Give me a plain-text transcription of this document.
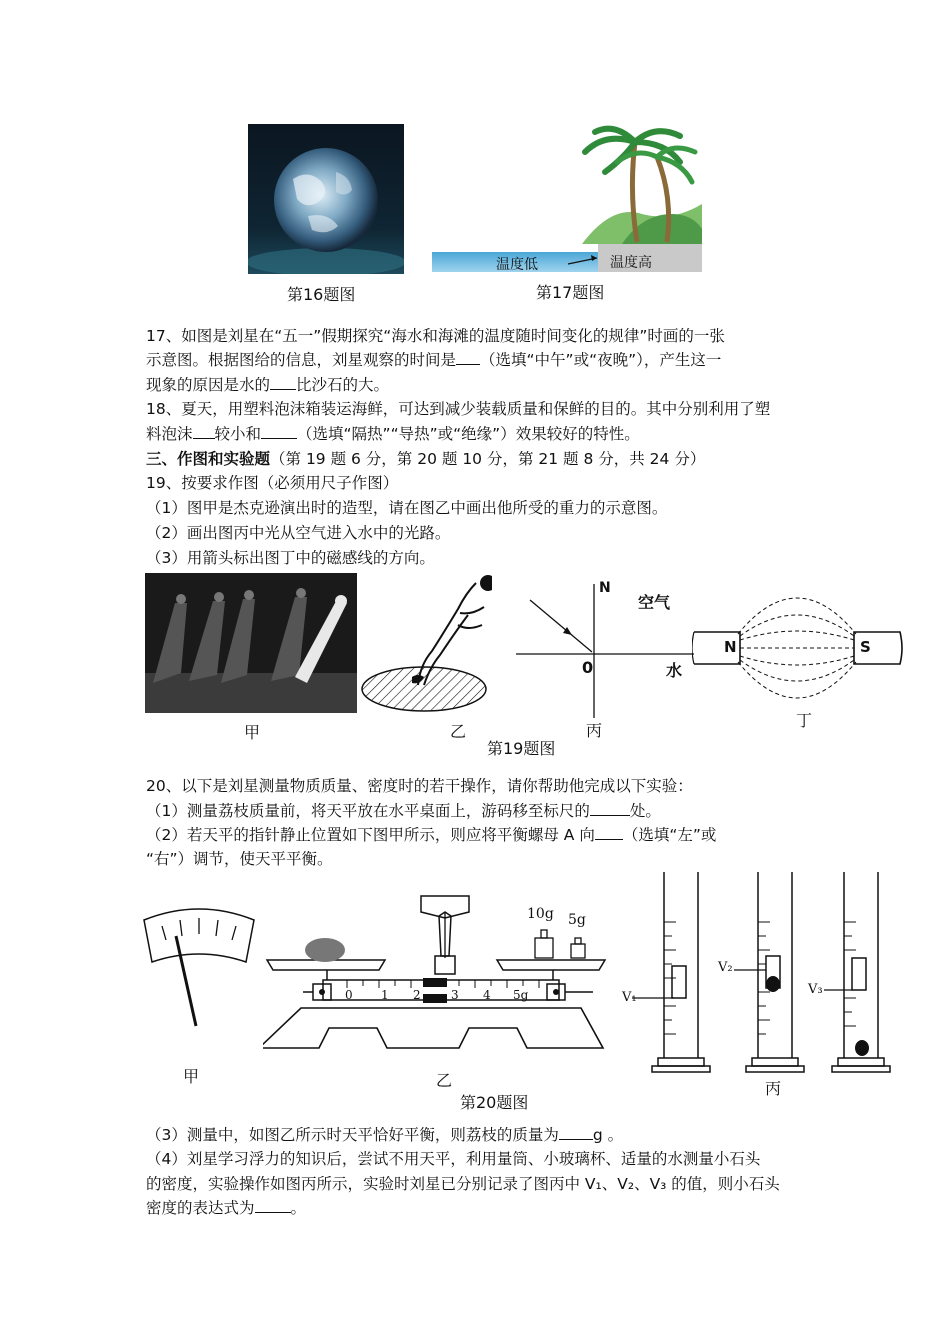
第16题图
温度低	温度高
第17题图
17、如图是刘星在“五一”假期探究“海水和海滩的温度随时间变化的规律”时画的一张
示意图。根据图给的信息，刘星观察的时间是 （选填“中午”或“夜晚”），产生这一
现象的原因是水的 比沙石的大。
18、夏天，用塑料泡沫箱装运海鲜，可达到减少装载质量和保鲜的目的。其中分别利用了塑
料泡沫 较小和 （选填“隔热”“导热”或“绝缘”）效果较好的特性。
三、作图和实验题（第 19 题 6 分，第 20 题 10 分，第 21 题 8 分，共 24 分）
19、按要求作图（必须用尺子作图）
（1）图甲是杰克逊演出时的造型，请在图乙中画出他所受的重力的示意图。
（2）画出图丙中光从空气进入水中的光路。
（3）用箭头标出图丁中的磁感线的方向。
甲	乙
N
空气
0	水
丙
N	S
丁
第19题图
20、以下是刘星测量物质质量、密度时的若干操作，请你帮助他完成以下实验：
（1）测量荔枝质量前，将天平放在水平桌面上，游码移至标尺的	处。
（2）若天平的指针静止位置如下图甲所示，则应将平衡螺母 A 向 （选填“左”或
“右”）调节，使天平平衡。
甲
10g 5g
0 1 2	3 4 5g
乙
V₁
V₂
V₃
丙
第20题图
（3）测量中，如图乙所示时天平恰好平衡，则荔枝的质量为 g 。
（4）刘星学习浮力的知识后，尝试不用天平，利用量筒、小玻璃杯、适量的水测量小石头
的密度，实验操作如图丙所示，实验时刘星已分别记录了图丙中 V₁、V₂、V₃ 的值，则小石头
密度的表达式为 。
